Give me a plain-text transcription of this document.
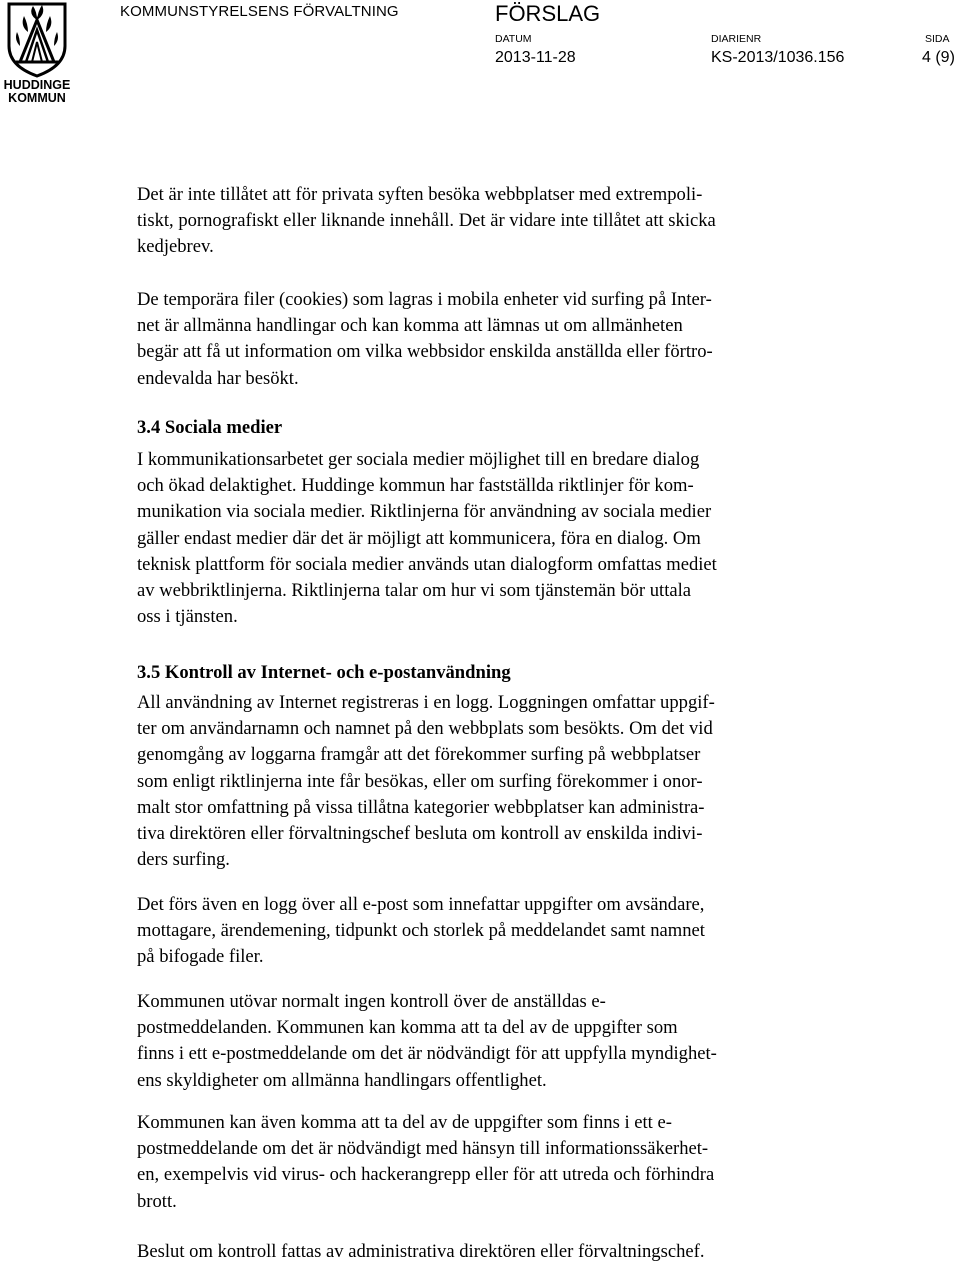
HUDDINGE
KOMMUN
KOMMUNSTYRELSENS FÖRVALTNING	FÖRSLAG
DATUM
2013-11-28
DIARIENR
KS-2013/1036.156
SIDA
4 (9)

Det är inte tillåtet att för privata syften besöka webbplatser med extrempoli-
tiskt, pornografiskt eller liknande innehåll. Det är vidare inte tillåtet att skicka
kedjebrev.

De temporära filer (cookies) som lagras i mobila enheter vid surfing på Inter-
net är allmänna handlingar och kan komma att lämnas ut om allmänheten
begär att få ut information om vilka webbsidor enskilda anställda eller förtro-
endevalda har besökt.

3.4 Sociala medier

I kommunikationsarbetet ger sociala medier möjlighet till en bredare dialog
och ökad delaktighet. Huddinge kommun har fastställda riktlinjer för kom-
munikation via sociala medier. Riktlinjerna för användning av sociala medier
gäller endast medier där det är möjligt att kommunicera, föra en dialog. Om
teknisk plattform för sociala medier används utan dialogform omfattas mediet
av webbriktlinjerna. Riktlinjerna talar om hur vi som tjänstemän bör uttala
oss i tjänsten.

3.5 Kontroll av Internet- och e-postanvändning

All användning av Internet registreras i en logg. Loggningen omfattar uppgif-
ter om användarnamn och namnet på den webbplats som besökts. Om det vid
genomgång av loggarna framgår att det förekommer surfing på webbplatser
som enligt riktlinjerna inte får besökas, eller om surfing förekommer i onor-
malt stor omfattning på vissa tillåtna kategorier webbplatser kan administra-
tiva direktören eller förvaltningschef besluta om kontroll av enskilda indivi-
ders surfing.

Det förs även en logg över all e-post som innefattar uppgifter om avsändare,
mottagare, ärendemening, tidpunkt och storlek på meddelandet samt namnet
på bifogade filer.

Kommunen utövar normalt ingen kontroll över de anställdas e-
postmeddelanden. Kommunen kan komma att ta del av de uppgifter som
finns i ett e-postmeddelande om det är nödvändigt för att uppfylla myndighet-
ens skyldigheter om allmänna handlingars offentlighet.

Kommunen kan även komma att ta del av de uppgifter som finns i ett e-
postmeddelande om det är nödvändigt med hänsyn till informationssäkerhet-
en, exempelvis vid virus- och hackerangrepp eller för att utreda och förhindra
brott.

Beslut om kontroll fattas av administrativa direktören eller förvaltningschef.
